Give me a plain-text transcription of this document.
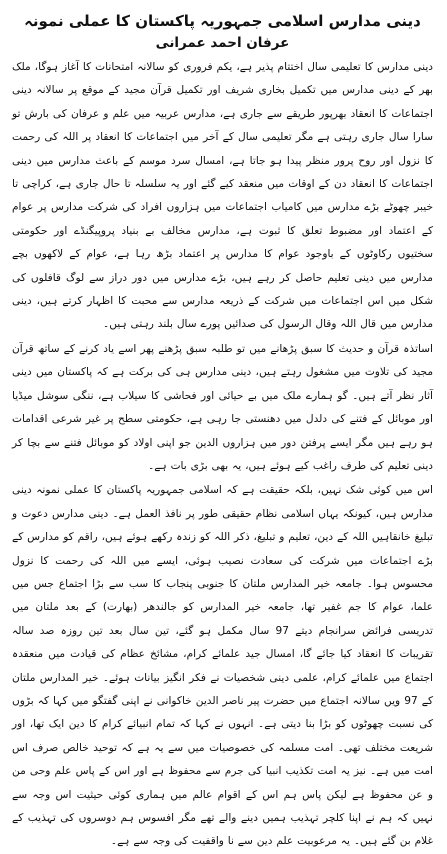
دینی مدارس اسلامی جمہوریہ پاکستان کا عملی نمونہ
عرفان احمد عمرانی

دینی مدارس کا تعلیمی سال اختتام پذیر ہے، یکم فروری کو سالانہ امتحانات کا آغاز ہوگا، ملک بھر کے دینی مدارس میں تکمیل بخاری شریف اور تکمیل قرآن مجید کے موقع پر سالانہ دینی اجتماعات کا انعقاد بھرپور طریقے سے جاری ہے، مدارس عربیہ میں علم و عرفان کی بارش تو سارا سال جاری رہتی ہے مگر تعلیمی سال کے آخر میں اجتماعات کا انعقاد پر اللہ کی رحمت کا نزول اور روح پرور منظر پیدا ہو جاتا ہے، امسال سرد موسم کے باعث مدارس میں دینی اجتماعات کا انعقاد دن کے اوقات میں منعقد کیے گئے اور یہ سلسلہ تا حال جاری ہے، کراچی تا خیبر چھوٹے بڑے مدارس میں کامیاب اجتماعات میں ہزاروں افراد کی شرکت مدارس پر عوام کے اعتماد اور مضبوط تعلق کا ثبوت ہے، مدارس مخالف بے بنیاد پروپیگنڈے اور حکومتی سختیوں رکاوٹوں کے باوجود عوام کا مدارس پر اعتماد بڑھ رہا ہے، عوام کے لاکھوں بچے مدارس میں دینی تعلیم حاصل کر رہے ہیں، بڑے مدارس میں دور دراز سے لوگ قافلوں کی شکل میں اس اجتماعات میں شرکت کے ذریعہ مدارس سے محبت کا اظہار کرتے ہیں، دینی مدارس میں قال اللہ وقال الرسول کی صدائیں پورے سال بلند رہتی ہیں۔

اساتذہ قرآن و حدیث کا سبق پڑھانے میں تو طلبہ سبق پڑھنے پھر اسے یاد کرنے کے ساتھ قرآن مجید کی تلاوت میں مشغول رہتے ہیں، دینی مدارس ہی کی برکت ہے کہ پاکستان میں دینی آثار نظر آتے ہیں۔ گو ہمارے ملک میں بے حیائی اور فحاشی کا سیلاب ہے، ننگی سوشل میڈیا اور موبائل کے فتنے کی دلدل میں دھنستی جا رہی ہے، حکومتی سطح پر غیر شرعی اقدامات ہو رہے ہیں مگر ایسے پرفتن دور میں ہزاروں الدین جو اپنی اولاد کو موبائل فتنے سے بچا کر دینی تعلیم کی طرف راغب کیے ہوئے ہیں، یہ بھی بڑی بات ہے۔

اس میں کوئی شک نہیں، بلکہ حقیقت ہے کہ اسلامی جمہوریہ پاکستان کا عملی نمونہ دینی مدارس ہیں، کیونکہ یہاں اسلامی نظام حقیقی طور پر نافذ العمل ہے۔ دینی مدارس دعوت و تبلیغ خانقاہیں اللہ کے دین، تعلیم و تبلیغ، ذکر اللہ کو زندہ رکھے ہوئے ہیں، راقم کو مدارس کے بڑے اجتماعات میں شرکت کی سعادت نصیب ہوئی، ایسے میں اللہ کی رحمت کا نزول محسوس ہوا۔ جامعہ خیر المدارس ملتان کا جنوبی پنجاب کا سب سے بڑا اجتماع جس میں علما، عوام کا جم غفیر تھا، جامعہ خیر المدارس کو جالندھر (بھارت) کے بعد ملتان میں تدریسی فرائض سرانجام دیتے 97 سال مکمل ہو گئے، تین سال بعد تین روزہ صد سالہ تقریبات کا انعقاد کیا جائے گا، امسال جید علمائے کرام، مشائخ عظام کی قیادت میں منعقدہ اجتماع میں علمائے کرام، علمی دینی شخصیات نے فکر انگیز بیانات ہوئے۔ خیر المدارس ملتان کے 97 ویں سالانہ اجتماع میں حضرت پیر ناصر الدین خاکوانی نے اپنی گفتگو میں کہا کہ بڑوں کی نسبت چھوٹوں کو بڑا بنا دیتی ہے۔ انہوں نے کہا کہ تمام انبیائے کرام کا دین ایک تھا، اور شریعت مختلف تھی۔ امت مسلمہ کی خصوصیات میں سے یہ ہے کہ توحید خالص صرف اس امت میں ہے۔ نیز یہ امت تکذیب انبیا کی جرم سے محفوظ ہے اور اس کے پاس علم وحی من و عن محفوظ ہے لیکن پاس ہم اس کے اقوام عالم میں ہماری کوئی حیثیت اس وجہ سے نہیں کہ ہم نے اپنا کلچر تہذیب ہمیں دینے والے تھے مگر افسوس ہم دوسروں کی تہذیب کے غلام بن گئے ہیں۔ یہ مرعوبیت علم دین سے نا واقفیت کی وجہ سے ہے۔
